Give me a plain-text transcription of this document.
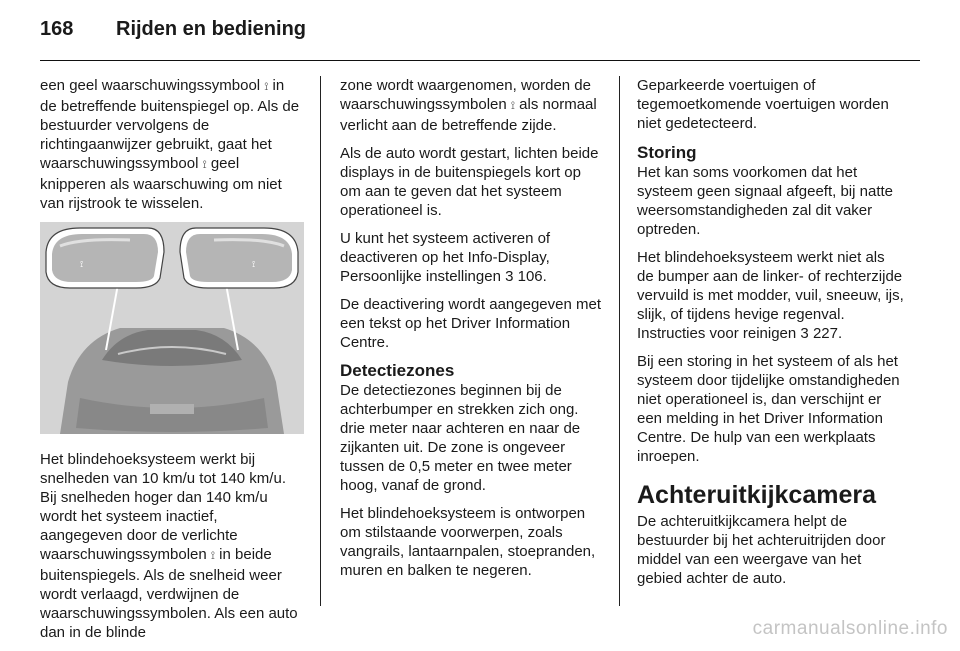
168 Rijden en bediening

een geel waarschuwingssymbool ⟟ in de betreffende buitenspiegel op. Als de bestuurder vervolgens de richtingaanwijzer gebruikt, gaat het waarschuwingssymbool ⟟ geel knipperen als waarschuwing om niet van rijstrook te wisselen.

⟟	⟟

Het blindehoeksysteem werkt bij snelheden van 10 km/u tot 140 km/u. Bij snelheden hoger dan 140 km/u wordt het systeem inactief, aangegeven door de verlichte waarschuwingssymbolen ⟟ in beide buitenspiegels. Als de snelheid weer wordt verlaagd, verdwijnen de waarschuwingssymbolen. Als een auto dan in de blinde

zone wordt waargenomen, worden de waarschuwingssymbolen ⟟ als normaal verlicht aan de betreffende zijde.

Als de auto wordt gestart, lichten beide displays in de buitenspiegels kort op om aan te geven dat het systeem operationeel is.

U kunt het systeem activeren of deactiveren op het Info-Display, Persoonlijke instellingen 3 106.

De deactivering wordt aangegeven met een tekst op het Driver Information Centre.

Detectiezones

De detectiezones beginnen bij de achterbumper en strekken zich ong. drie meter naar achteren en naar de zijkanten uit. De zone is ongeveer tussen de 0,5 meter en twee meter hoog, vanaf de grond.

Het blindehoeksysteem is ontworpen om stilstaande voorwerpen, zoals vangrails, lantaarnpalen, stoepranden, muren en balken te negeren.

Geparkeerde voertuigen of tegemoetkomende voertuigen worden niet gedetecteerd.

Storing

Het kan soms voorkomen dat het systeem geen signaal afgeeft, bij natte weersomstandigheden zal dit vaker optreden.

Het blindehoeksysteem werkt niet als de bumper aan de linker- of rechterzijde vervuild is met modder, vuil, sneeuw, ijs, slijk, of tijdens hevige regenval. Instructies voor reinigen 3 227.

Bij een storing in het systeem of als het systeem door tijdelijke omstandigheden niet operationeel is, dan verschijnt er een melding in het Driver Information Centre. De hulp van een werkplaats inroepen.

Achteruitkijkcamera

De achteruitkijkcamera helpt de bestuurder bij het achteruitrijden door middel van een weergave van het gebied achter de auto.

carmanualsonline.info
